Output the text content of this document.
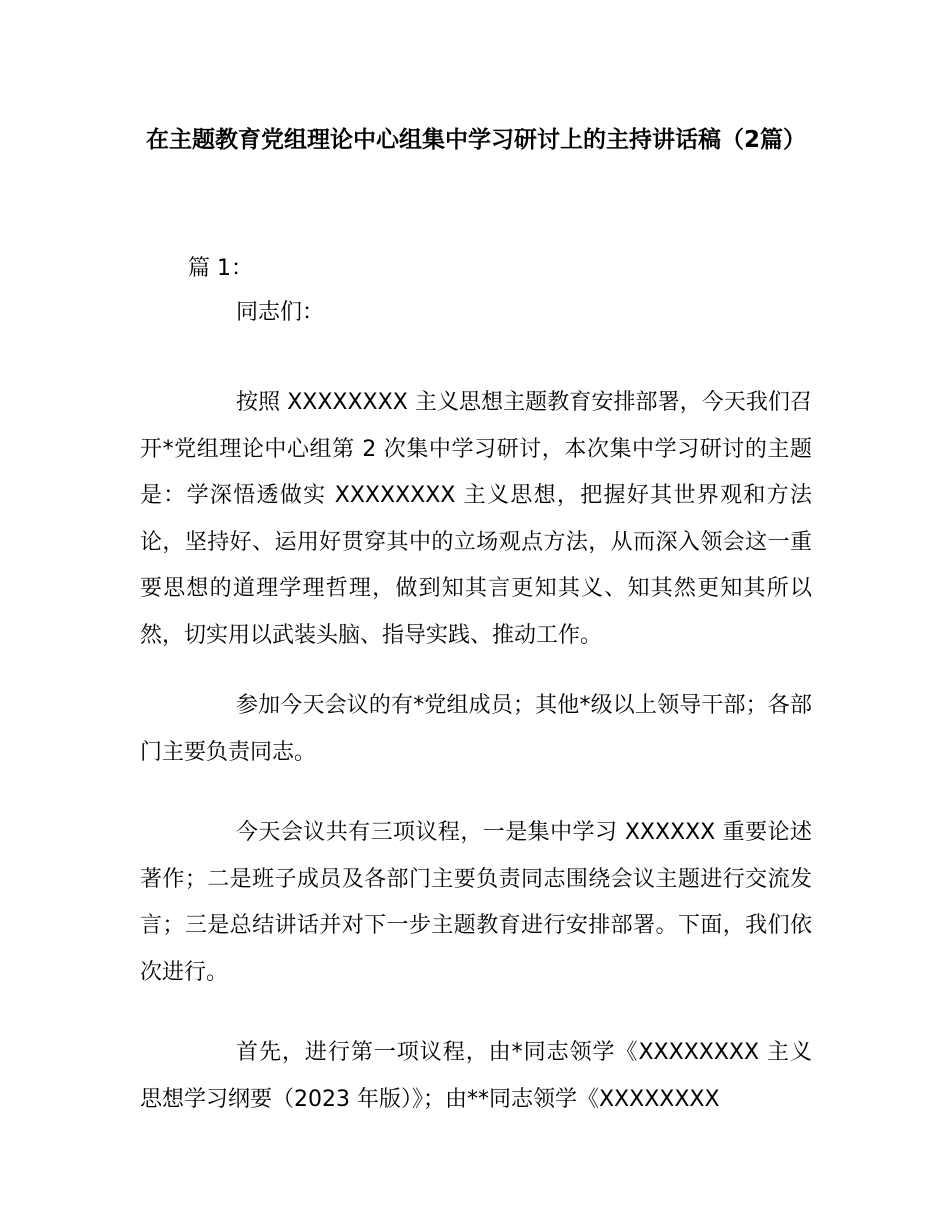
在主题教育党组理论中心组集中学习研讨上的主持讲话稿（2篇）
篇 1：
同志们：
按照 XXXXXXXX 主义思想主题教育安排部署，今天我们召开*党组理论中心组第 2 次集中学习研讨，本次集中学习研讨的主题是：学深悟透做实 XXXXXXXX 主义思想，把握好其世界观和方法论，坚持好、运用好贯穿其中的立场观点方法，从而深入领会这一重要思想的道理学理哲理，做到知其言更知其义、知其然更知其所以然，切实用以武装头脑、指导实践、推动工作。
参加今天会议的有*党组成员；其他*级以上领导干部；各部门主要负责同志。
今天会议共有三项议程，一是集中学习 XXXXXX 重要论述著作；二是班子成员及各部门主要负责同志围绕会议主题进行交流发言；三是总结讲话并对下一步主题教育进行安排部署。下面，我们依次进行。
首先，进行第一项议程，由*同志领学《XXXXXXXX 主义思想学习纲要（2023 年版）》；由**同志领学《XXXXXXXX
